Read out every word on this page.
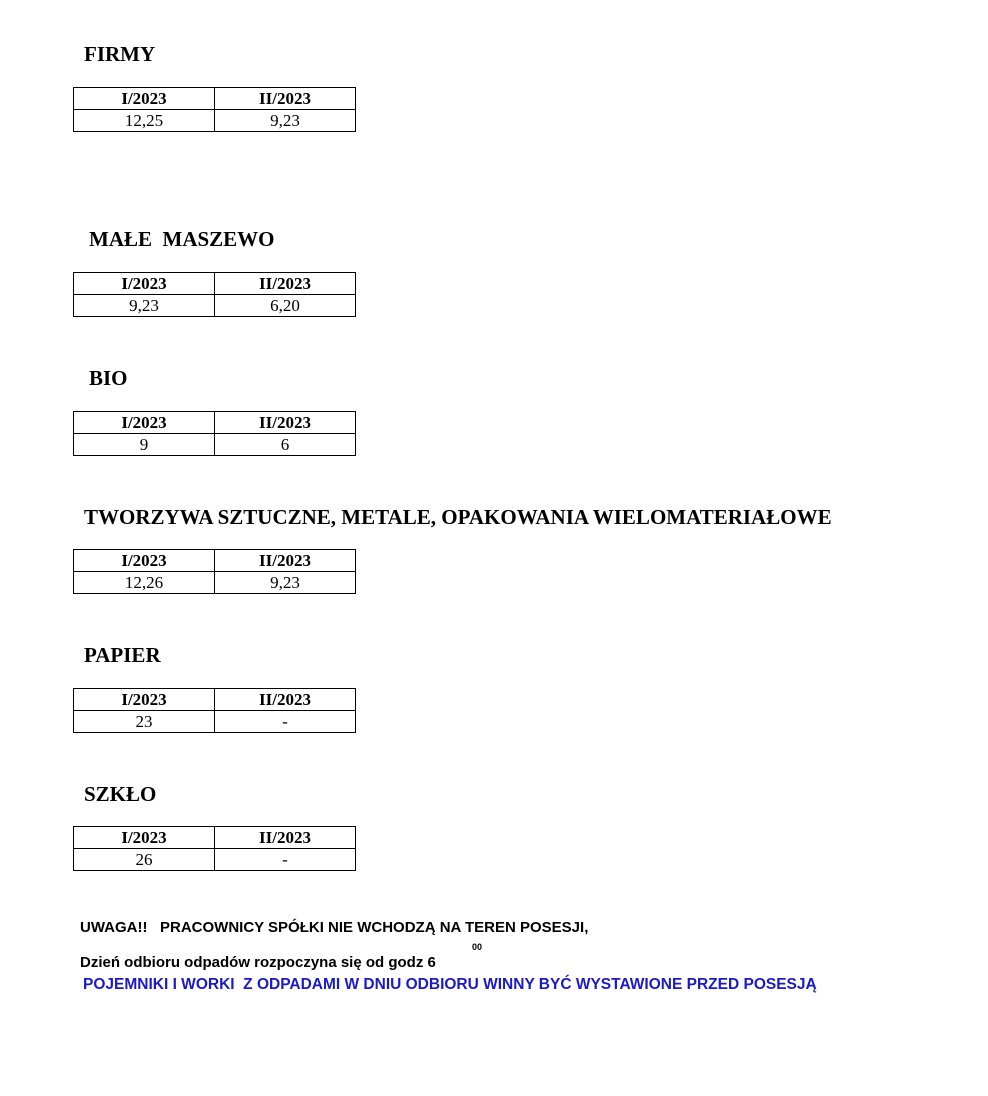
FIRMY
I/2023	II/2023
12,25	9,23
MAŁE  MASZEWO
I/2023	II/2023
9,23	6,20
BIO
I/2023	II/2023
9	6
TWORZYWA SZTUCZNE, METALE, OPAKOWANIA WIELOMATERIAŁOWE
I/2023	II/2023
12,26	9,23
PAPIER
I/2023	II/2023
23	-
SZKŁO
I/2023	II/2023
26	-

UWAGA!!   PRACOWNICY SPÓŁKI NIE WCHODZĄ NA TEREN POSESJI,

00

Dzień odbioru odpadów rozpoczyna się od godz 6

POJEMNIKI I WORKI  Z ODPADAMI W DNIU ODBIORU WINNY BYĆ WYSTAWIONE PRZED POSESJĄ
